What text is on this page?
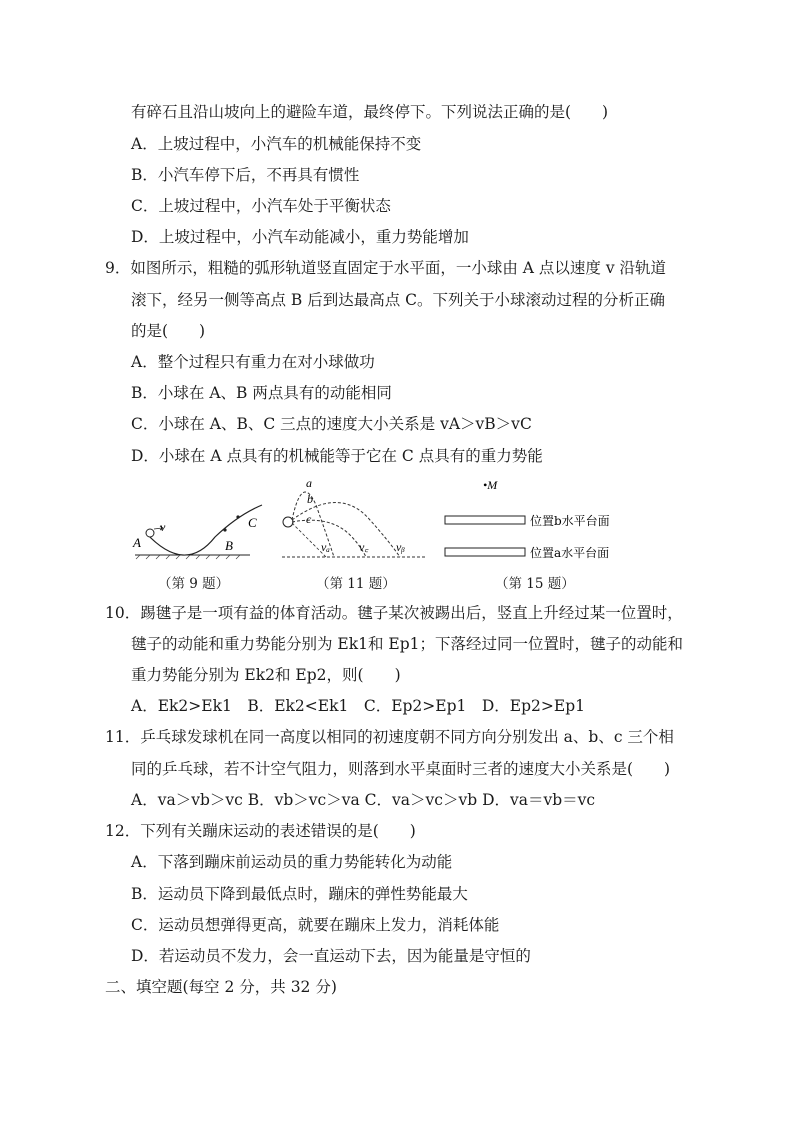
有碎石且沿山坡向上的避险车道，最终停下。下列说法正确的是(　　)
A．上坡过程中，小汽车的机械能保持不变
B．小汽车停下后，不再具有惯性
C．上坡过程中，小汽车处于平衡状态
D．上坡过程中，小汽车动能减小，重力势能增加
9．如图所示，粗糙的弧形轨道竖直固定于水平面，一小球由 A 点以速度 v 沿轨道
滚下，经另一侧等高点 B 后到达最高点 C。下列关于小球滚动过程的分析正确
的是(　　)
A．整个过程只有重力在对小球做功
B．小球在 A、B 两点具有的动能相同
C．小球在 A、B、C 三点的速度大小关系是 vA＞vB＞vC
D．小球在 A 点具有的机械能等于它在 C 点具有的重力势能
A
v
B
C
a
b
c
vₐ v꜀ vᵦ
•M
位置b水平台面
位置a水平台面
（第 9 题）	（第 11 题）	（第 15 题）
10．踢毽子是一项有益的体育活动。毽子某次被踢出后，竖直上升经过某一位置时，
毽子的动能和重力势能分别为 Ek1和 Ep1；下落经过同一位置时，毽子的动能和
重力势能分别为 Ek2和 Ep2，则(　　)
A．Ek2>Ek1　B．Ek2<Ek1　C．Ep2>Ep1　D．Ep2>Ep1
11．乒乓球发球机在同一高度以相同的初速度朝不同方向分别发出 a、b、c 三个相
同的乒乓球，若不计空气阻力，则落到水平桌面时三者的速度大小关系是(　　)
A．va＞vb＞vc B．vb＞vc＞va C．va＞vc＞vb D．va＝vb＝vc
12．下列有关蹦床运动的表述错误的是(　　)
A．下落到蹦床前运动员的重力势能转化为动能
B．运动员下降到最低点时，蹦床的弹性势能最大
C．运动员想弹得更高，就要在蹦床上发力，消耗体能
D．若运动员不发力，会一直运动下去，因为能量是守恒的
二、填空题(每空 2 分，共 32 分)
